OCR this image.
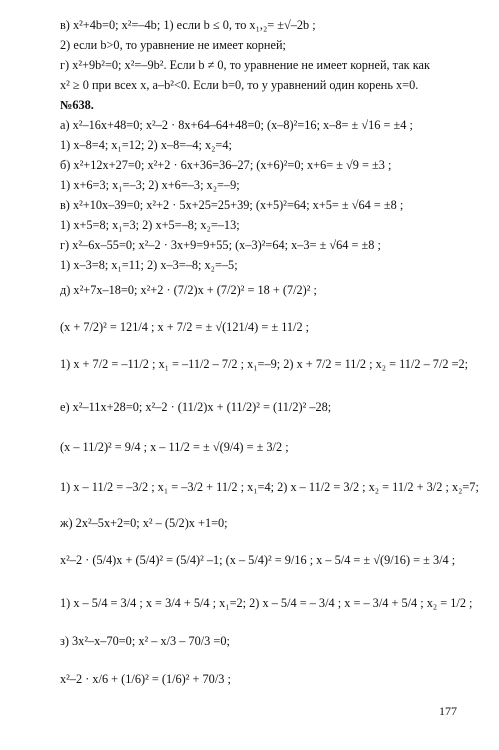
в) x²+4b=0; x²=–4b; 1) если b ≤ 0, то x₁,₂= ±√–2b ;
2) если b>0, то уравнение не имеет корней;
г) x²+9b²=0; x²=–9b². Если b ≠ 0, то уравнение не имеет корней, так как
x² ≥ 0 при всех x, a–b²<0. Если b=0, то у уравнений один корень x=0.
№638.
а) x²–16x+48=0; x²–2 · 8x+64–64+48=0; (x–8)²=16; x–8= ± √16 = ±4 ;
1) x–8=4; x₁=12; 2) x–8=–4; x₂=4;
б) x²+12x+27=0; x²+2 · 6x+36=36–27; (x+6)²=0; x+6= ± √9 = ±3 ;
1) x+6=3; x₁=–3; 2) x+6=–3; x₂=–9;
в) x²+10x–39=0; x²+2 · 5x+25=25+39; (x+5)²=64; x+5= ± √64 = ±8 ;
1) x+5=8; x₁=3; 2) x+5=–8; x₂=–13;
г) x²–6x–55=0; x²–2 · 3x+9=9+55; (x–3)²=64; x–3= ± √64 = ±8 ;
1) x–3=8; x₁=11; 2) x–3=–8; x₂=–5;
д) x²+7x–18=0; x²+2 · (7/2)x + (7/2)² = 18 + (7/2)² ;
(x + 7/2)² = 121/4 ; x + 7/2 = ± √(121/4) = ± 11/2 ;
1) x + 7/2 = –11/2 ; x₁ = –11/2 – 7/2 ; x₁=–9; 2) x + 7/2 = 11/2 ; x₂ = 11/2 – 7/2 =2;
е) x²–11x+28=0; x²–2 · (11/2)x + (11/2)² = (11/2)² –28;
(x – 11/2)² = 9/4 ; x – 11/2 = ± √(9/4) = ± 3/2 ;
1) x – 11/2 = –3/2 ; x₁ = –3/2 + 11/2 ; x₁=4; 2) x – 11/2 = 3/2 ; x₂ = 11/2 + 3/2 ; x₂=7;
ж) 2x²–5x+2=0; x² – (5/2)x +1=0;
x²–2 · (5/4)x + (5/4)² = (5/4)² –1; (x – 5/4)² = 9/16 ; x – 5/4 = ± √(9/16) = ± 3/4 ;
1) x – 5/4 = 3/4 ; x = 3/4 + 5/4 ; x₁=2; 2) x – 5/4 = – 3/4 ; x = – 3/4 + 5/4 ; x₂ = 1/2 ;
з) 3x²–x–70=0; x² – x/3 – 70/3 =0;
x²–2 · x/6 + (1/6)² = (1/6)² + 70/3 ;
177
